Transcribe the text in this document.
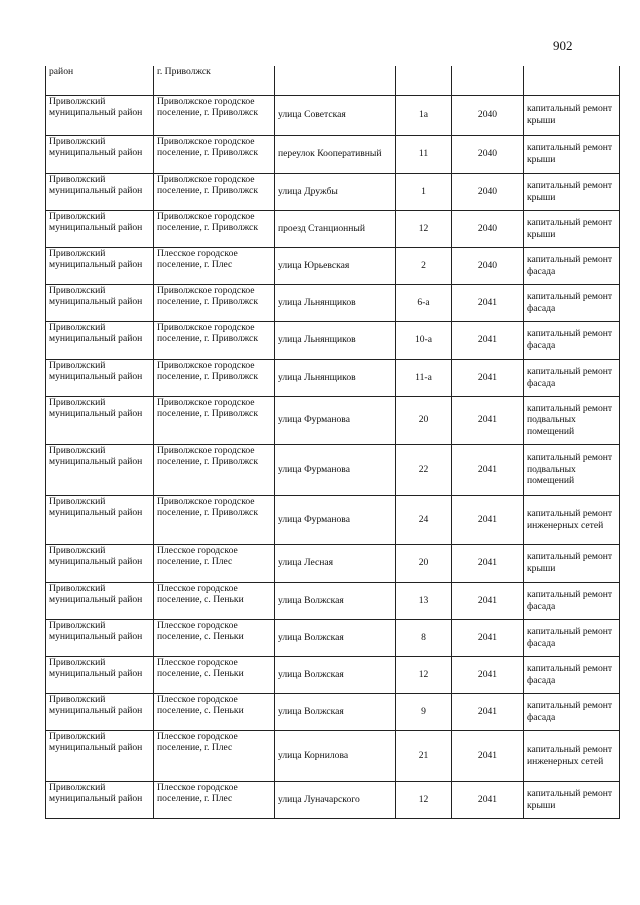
902
район	г. Приволжск				
Приволжский муниципальный район	Приволжское городское поселение, г. Приволжск	улица Советская	1а	2040	капитальный ремонт крыши
Приволжский муниципальный район	Приволжское городское поселение, г. Приволжск	переулок Кооперативный	11	2040	капитальный ремонт крыши
Приволжский муниципальный район	Приволжское городское поселение, г. Приволжск	улица Дружбы	1	2040	капитальный ремонт крыши
Приволжский муниципальный район	Приволжское городское поселение, г. Приволжск	проезд Станционный	12	2040	капитальный ремонт крыши
Приволжский муниципальный район	Плесское городское поселение, г. Плес	улица Юрьевская	2	2040	капитальный ремонт фасада
Приволжский муниципальный район	Приволжское городское поселение, г. Приволжск	улица Льнянщиков	6-а	2041	капитальный ремонт фасада
Приволжский муниципальный район	Приволжское городское поселение, г. Приволжск	улица Льнянщиков	10-а	2041	капитальный ремонт фасада
Приволжский муниципальный район	Приволжское городское поселение, г. Приволжск	улица Льнянщиков	11-а	2041	капитальный ремонт фасада
Приволжский муниципальный район	Приволжское городское поселение, г. Приволжск	улица Фурманова	20	2041	капитальный ремонт подвальных помещений
Приволжский муниципальный район	Приволжское городское поселение, г. Приволжск	улица Фурманова	22	2041	капитальный ремонт подвальных помещений
Приволжский муниципальный район	Приволжское городское поселение, г. Приволжск	улица Фурманова	24	2041	капитальный ремонт инженерных сетей
Приволжский муниципальный район	Плесское городское поселение, г. Плес	улица Лесная	20	2041	капитальный ремонт крыши
Приволжский муниципальный район	Плесское городское поселение, с. Пеньки	улица Волжская	13	2041	капитальный ремонт фасада
Приволжский муниципальный район	Плесское городское поселение, с. Пеньки	улица Волжская	8	2041	капитальный ремонт фасада
Приволжский муниципальный район	Плесское городское поселение, с. Пеньки	улица Волжская	12	2041	капитальный ремонт фасада
Приволжский муниципальный район	Плесское городское поселение, с. Пеньки	улица Волжская	9	2041	капитальный ремонт фасада
Приволжский муниципальный район	Плесское городское поселение, г. Плес	улица Корнилова	21	2041	капитальный ремонт инженерных сетей
Приволжский муниципальный район	Плесское городское поселение, г. Плес	улица Луначарского	12	2041	капитальный ремонт крыши
